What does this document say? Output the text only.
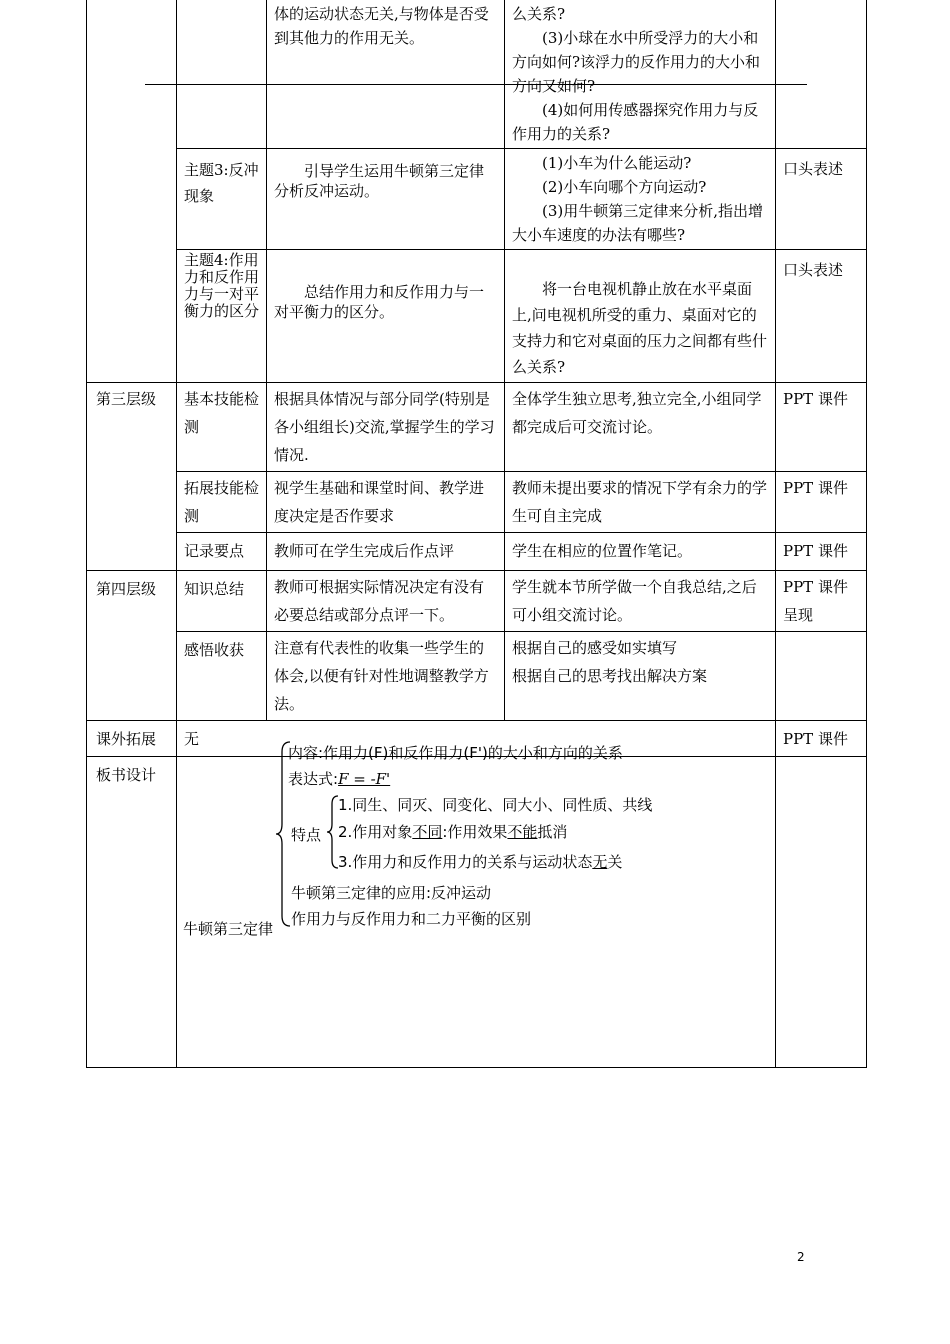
		体的运动状态无关,与物体是否受到其他力的作用无关。	么关系?
(3)小球在水中所受浮力的大小和方向如何?该浮力的反作用力的大小和方向又如何?
(4)如何用传感器探究作用力与反作用力的关系?	

	主题3:反冲现象	引导学生运用牛顿第三定律分析反冲运动。	(1)小车为什么能运动?
(2)小车向哪个方向运动?
(3)用牛顿第三定律来分析,指出增大小车速度的办法有哪些?	口头表述

	主题4:作用力和反作用力与一对平衡力的区分	总结作用力和反作用力与一对平衡力的区分。	将一台电视机静止放在水平桌面上,问电视机所受的重力、桌面对它的支持力和它对桌面的压力之间都有些什么关系?	口头表述

第三层级	基本技能检测	根据具体情况与部分同学(特别是各小组组长)交流,掌握学生的学习情况.	全体学生独立思考,独立完全,小组同学都完成后可交流讨论。	PPT 课件

	拓展技能检测	视学生基础和课堂时间、教学进度决定是否作要求	教师未提出要求的情况下学有余力的学生可自主完成	PPT 课件

	记录要点	教师可在学生完成后作点评	学生在相应的位置作笔记。	PPT 课件

第四层级	知识总结	教师可根据实际情况决定有没有必要总结或部分点评一下。	学生就本节所学做一个自我总结,之后可小组交流讨论。	PPT 课件呈现

	感悟收获	注意有代表性的收集一些学生的体会,以便有针对性地调整教学方法。	根据自己的感受如实填写
根据自己的思考找出解决方案	

课外拓展	无			PPT 课件

板书设计				

牛顿第三定律
内容:作用力(F)和反作用力(F')的大小和方向的关系
表达式:F = -F'
特点
1.同生、同灭、同变化、同大小、同性质、共线
2.作用对象不同:作用效果不能抵消
3.作用力和反作用力的关系与运动状态无关
牛顿第三定律的应用:反冲运动
作用力与反作用力和二力平衡的区别
2
